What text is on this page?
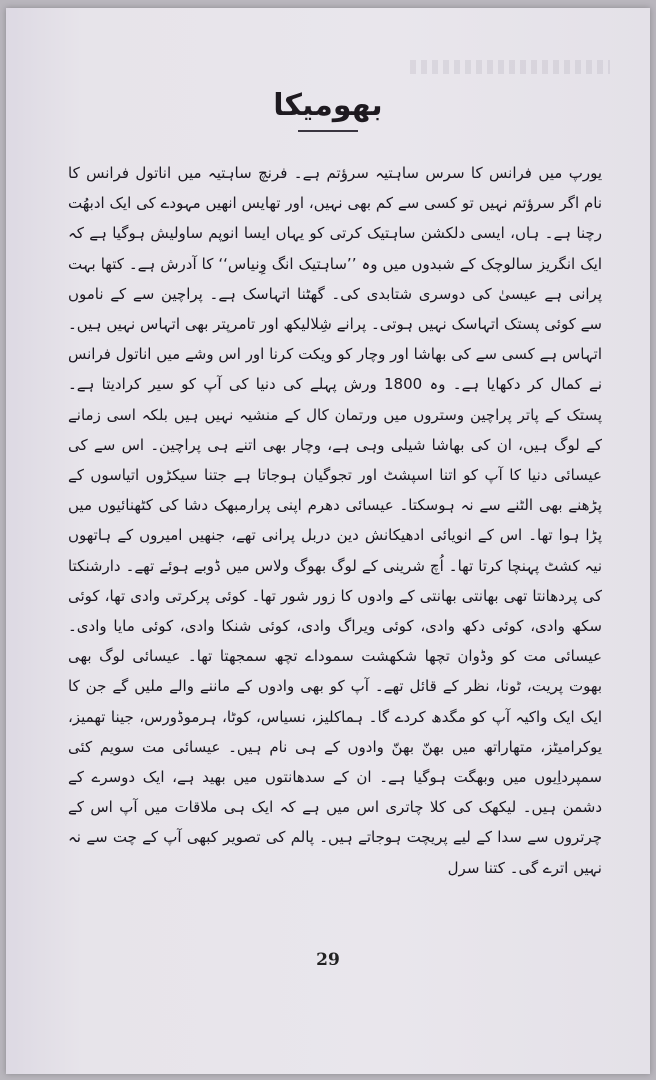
بھومیکا
یورپ میں فرانس کا سرس ساہتیہ سرؤتم ہے۔ فرنچ ساہتیہ میں اناتول فرانس کا نام اگر سرؤتم نہیں تو کسی سے کم بھی نہیں، اور تھایس انھیں مہودے کی ایک ادبھُت رچنا ہے۔ ہاں، ایسی دلکشن ساہتیک کرتی کو یہاں ایسا انوپم ساولیش ہوگیا ہے کہ ایک انگریز سالوچک کے شبدوں میں وہ ’’ساہتیک انگ وِنیاس‘‘ کا آدرش ہے۔ کتھا بہت پرانی ہے عیسیٰ کی دوسری شتابدی کی۔ گھٹنا اتہاسک ہے۔ پراچین سے کے ناموں سے کوئی پستک اتہاسک نہیں ہوتی۔ پرانے شِلالیکھ اور تامرپتر بھی اتہاس نہیں ہیں۔ اتہاس ہے کسی سے کی بھاشا اور وچار کو ویکت کرنا اور اس وشے میں اناتول فرانس نے کمال کر دکھایا ہے۔ وہ 1800 ورش پہلے کی دنیا کی آپ کو سیر کرادیتا ہے۔ پستک کے پاتر پراچین وستروں میں ورتمان کال کے منشیہ نہیں ہیں بلکہ اسی زمانے کے لوگ ہیں، ان کی بھاشا شیلی وہی ہے، وچار بھی اتنے ہی پراچین۔ اس سے کی عیسائی دنیا کا آپ کو اتنا اسپشٹ اور تجوگیان ہوجاتا ہے جتنا سیکڑوں اتیاسوں کے پڑھنے بھی الٹنے سے نہ ہوسکتا۔ عیسائی دھرم اپنی پرارمبھک دشا کی کٹھنائیوں میں پڑا ہوا تھا۔ اس کے انویائی ادھیکانش دین دربل پرانی تھے، جنھیں امیروں کے ہاتھوں نیہ کشٹ پہنچا کرتا تھا۔ اُچ شرینی کے لوگ بھوگ ولاس میں ڈوبے ہوئے تھے۔ دارشنکتا کی پردھانتا تھی بھانتی بھانتی کے وادوں کا زور شور تھا۔ کوئی پرکرتی وادی تھا، کوئی سکھ وادی، کوئی دکھ وادی، کوئی ویراگ وادی، کوئی شنکا وادی، کوئی مایا وادی۔ عیسائی مت کو وڈوان تچھا شکھشت سموداے تچھ سمجھتا تھا۔ عیسائی لوگ بھی بھوت پریت، ٹونا، نظر کے قائل تھے۔ آپ کو بھی وادوں کے ماننے والے ملیں گے جن کا ایک ایک واکیہ آپ کو مگدھ کردے گا۔ ہماکلیز، نسیاس، کوٹا، ہرموڈورس، جینا تھمیز، یوکرامیٹز، متھاراتھ میں بھنّ بھنّ وادوں کے ہی نام ہیں۔ عیسائی مت سویم کئی سمپرداِیوں میں وبھگت ہوگیا ہے۔ ان کے سدھانتوں میں بھید ہے، ایک دوسرے کے دشمن ہیں۔ لیکھک کی کلا چاتری اس میں ہے کہ ایک ہی ملاقات میں آپ اس کے چرتروں سے سدا کے لیے پریچت ہوجاتے ہیں۔ پالم کی تصویر کبھی آپ کے چت سے نہ نہیں اترے گی۔ کتنا سرل
29
